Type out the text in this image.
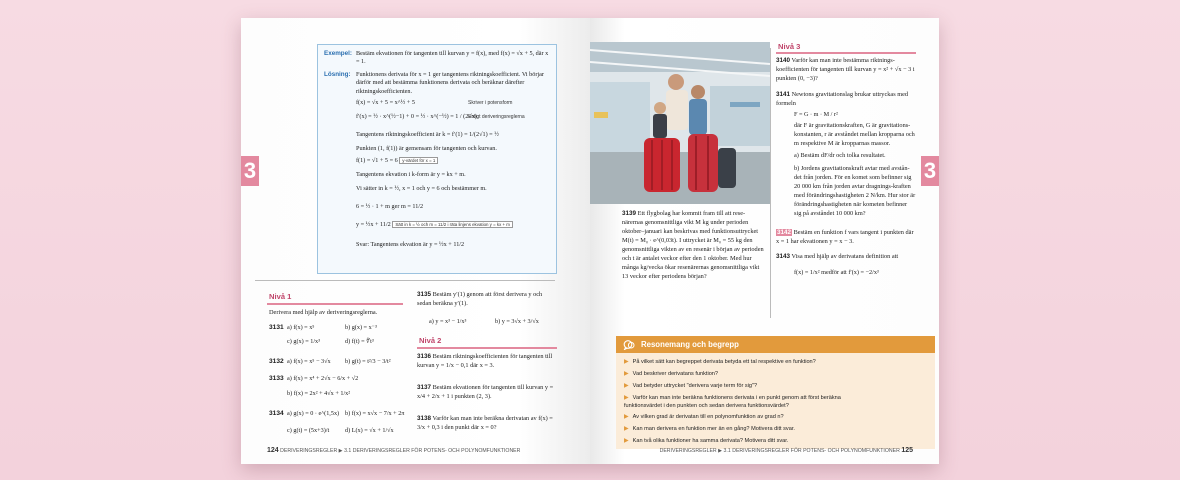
3
Exempel: Bestäm ekvationen för tangenten till kurvan y = f(x), med f(x) = √x + 5, där x = 1.
Lösning: Funktionens derivata för x = 1 ger tangentens riktningskoefficient. Vi börjar därför med att bestämma funktionens derivata och beräknar därefter riktningskoefficienten.
f(x) = √x + 5 = x^½ + 5	Skriver i potensform
f′(x) = ½ · x^(½−1) + 0 = ½ · x^(−½) = 1 / (2√x)
Enligt deriveringsreglerna
Tangentens riktningskoefficient är k = f′(1) = 1/(2√1) = ½
Punkten (1, f(1)) är gemensam för tangenten och kurvan.
f(1) = √1 + 5 = 6 y-värdet för x = 1
Tangentens ekvation i k-form är y = kx + m.
Vi sätter in k = ½, x = 1 och y = 6 och bestämmer m.
6 = ½ · 1 + m ger m = 11/2
y = ½x + 11/2 Sätt in k = ½ och m = 11/2 i räta linjens ekvation y = kx + m
Svar: Tangentens ekvation är y = ½x + 11/2
Nivå 1
Derivera med hjälp av deriveringsreglerna.
3131 a) f(x) = x⁵	b) g(x) = x⁻³
c) g(x) = 1/x³	d) f(t) = ∜t³
3132 a) f(x) = x⁵ − 3√x b) g(t) = t²/3 − 3/t²
3133 a) f(x) = x⁴ + 2√x − 6/x + √2
b) f(x) = 2x² + 4√x + 1/x²
3134 a) g(x) = 0 · e^(1,5x) b) f(x) = x√x − 7/x + 2π
c) g(t) = (5x+3)/t	d) L(x) = √x + 1/√x
3135 Bestäm y′(1) genom att först derivera y och sedan beräkna y′(1).
a) y = x³ − 1/x³	b) y = 3√x + 3/√x
Nivå 2
3136 Bestäm riktningskoefficienten för tangenten till kurvan y = 1/x − 0,1 där x = 3.
3137 Bestäm ekvationen för tangenten till kurvan y = x/4 + 2/x + 1 i punkten (2, 3).
3138 Varför kan man inte beräkna derivatan av f(x) = 3/x + 0,3 i den punkt där x = 0?
124 DERIVERINGSREGLER ▶ 3.1 DERIVERINGSREGLER FÖR POTENS- OCH POLYNOMFUNKTIONER
3
Nivå 3
3140 Varför kan man inte bestämma riktnings-koefficienten för tangenten till kurvan y = x² + √x − 3 i punkten (0, −3)?
3141 Newtons gravitationslag brukar uttryckas med formeln
F = G · m · M / r²
där F är gravitationskraften, G är gravitations-konstanten, r är avståndet mellan kropparna och m respektive M är kropparnas massor.
a) Bestäm dF/dr och tolka resultatet.
b) Jordens gravitationskraft avtar med avstån-det från jorden. För en komet som befinner sig 20 000 km från jorden avtar dragnings-kraften med förändringshastigheten 2 N/km. Hur stor är förändringshastigheten när kometen befinner sig på avståndet 10 000 km?
3142 Bestäm en funktion f vars tangent i punkten där x = 1 har ekvationen y = x − 3.
3143 Visa med hjälp av derivatans definition att
f(x) = 1/x² medför att f′(x) = −2/x³
3139 Ett flygbolag har kommit fram till att rese-närernas genomsnittliga vikt M kg under perioden oktober–januari kan beskrivas med funktionsuttrycket M(t) = M₀ · e^(0,03t). I uttrycket är M₀ = 55 kg den genomsnittliga vikten av en resenär i början av perioden och t är antalet veckor efter den 1 oktober. Med hur många kg/vecka ökar resenärernas genomsnittliga vikt 13 veckor efter periodens början?
Resonemang och begrepp
▶ På vilket sätt kan begreppet derivata betyda ett tal respektive en funktion?
▶ Vad beskriver derivatans funktion?
▶ Vad betyder uttrycket "derivera varje term för sig"?
▶ Varför kan man inte beräkna funktionens derivata i en punkt genom att först beräkna funktionsvärdet i den punkten och sedan derivera funktionsvärdet?
▶ Av vilken grad är derivatan till en polynomfunktion av grad n?
▶ Kan man derivera en funktion mer än en gång? Motivera ditt svar.
▶ Kan två olika funktioner ha samma derivata? Motivera ditt svar.
DERIVERINGSREGLER ▶ 3.1 DERIVERINGSREGLER FÖR POTENS- OCH POLYNOMFUNKTIONER 125
